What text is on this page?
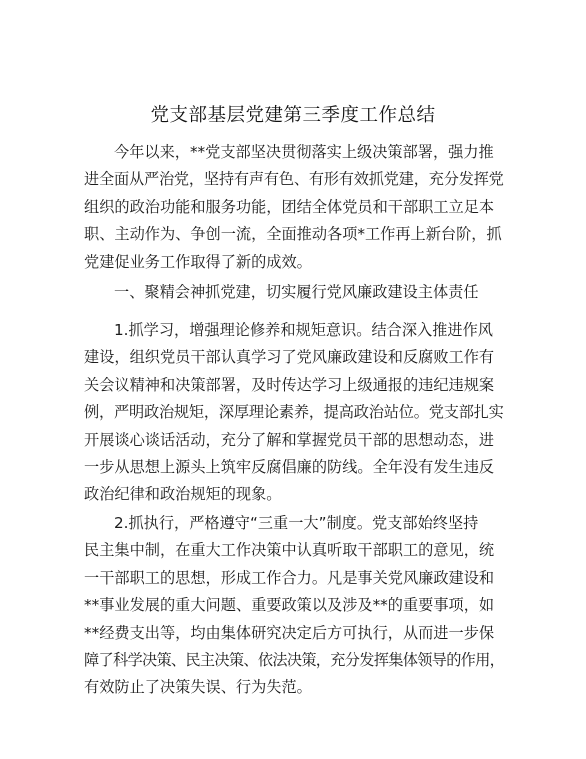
党支部基层党建第三季度工作总结
今年以来，**党支部坚决贯彻落实上级决策部署，强力推
进全面从严治党，坚持有声有色、有形有效抓党建，充分发挥党
组织的政治功能和服务功能，团结全体党员和干部职工立足本
职、主动作为、争创一流，全面推动各项*工作再上新台阶，抓
党建促业务工作取得了新的成效。
一、聚精会神抓党建，切实履行党风廉政建设主体责任
1.抓学习，增强理论修养和规矩意识。结合深入推进作风
建设，组织党员干部认真学习了党风廉政建设和反腐败工作有
关会议精神和决策部署，及时传达学习上级通报的违纪违规案
例，严明政治规矩，深厚理论素养，提高政治站位。党支部扎实
开展谈心谈话活动，充分了解和掌握党员干部的思想动态，进
一步从思想上源头上筑牢反腐倡廉的防线。全年没有发生违反
政治纪律和政治规矩的现象。
2.抓执行，严格遵守“三重一大”制度。党支部始终坚持
民主集中制，在重大工作决策中认真听取干部职工的意见，统
一干部职工的思想，形成工作合力。凡是事关党风廉政建设和
**事业发展的重大问题、重要政策以及涉及**的重要事项，如
**经费支出等，均由集体研究决定后方可执行，从而进一步保
障了科学决策、民主决策、依法决策，充分发挥集体领导的作用，
有效防止了决策失误、行为失范。
